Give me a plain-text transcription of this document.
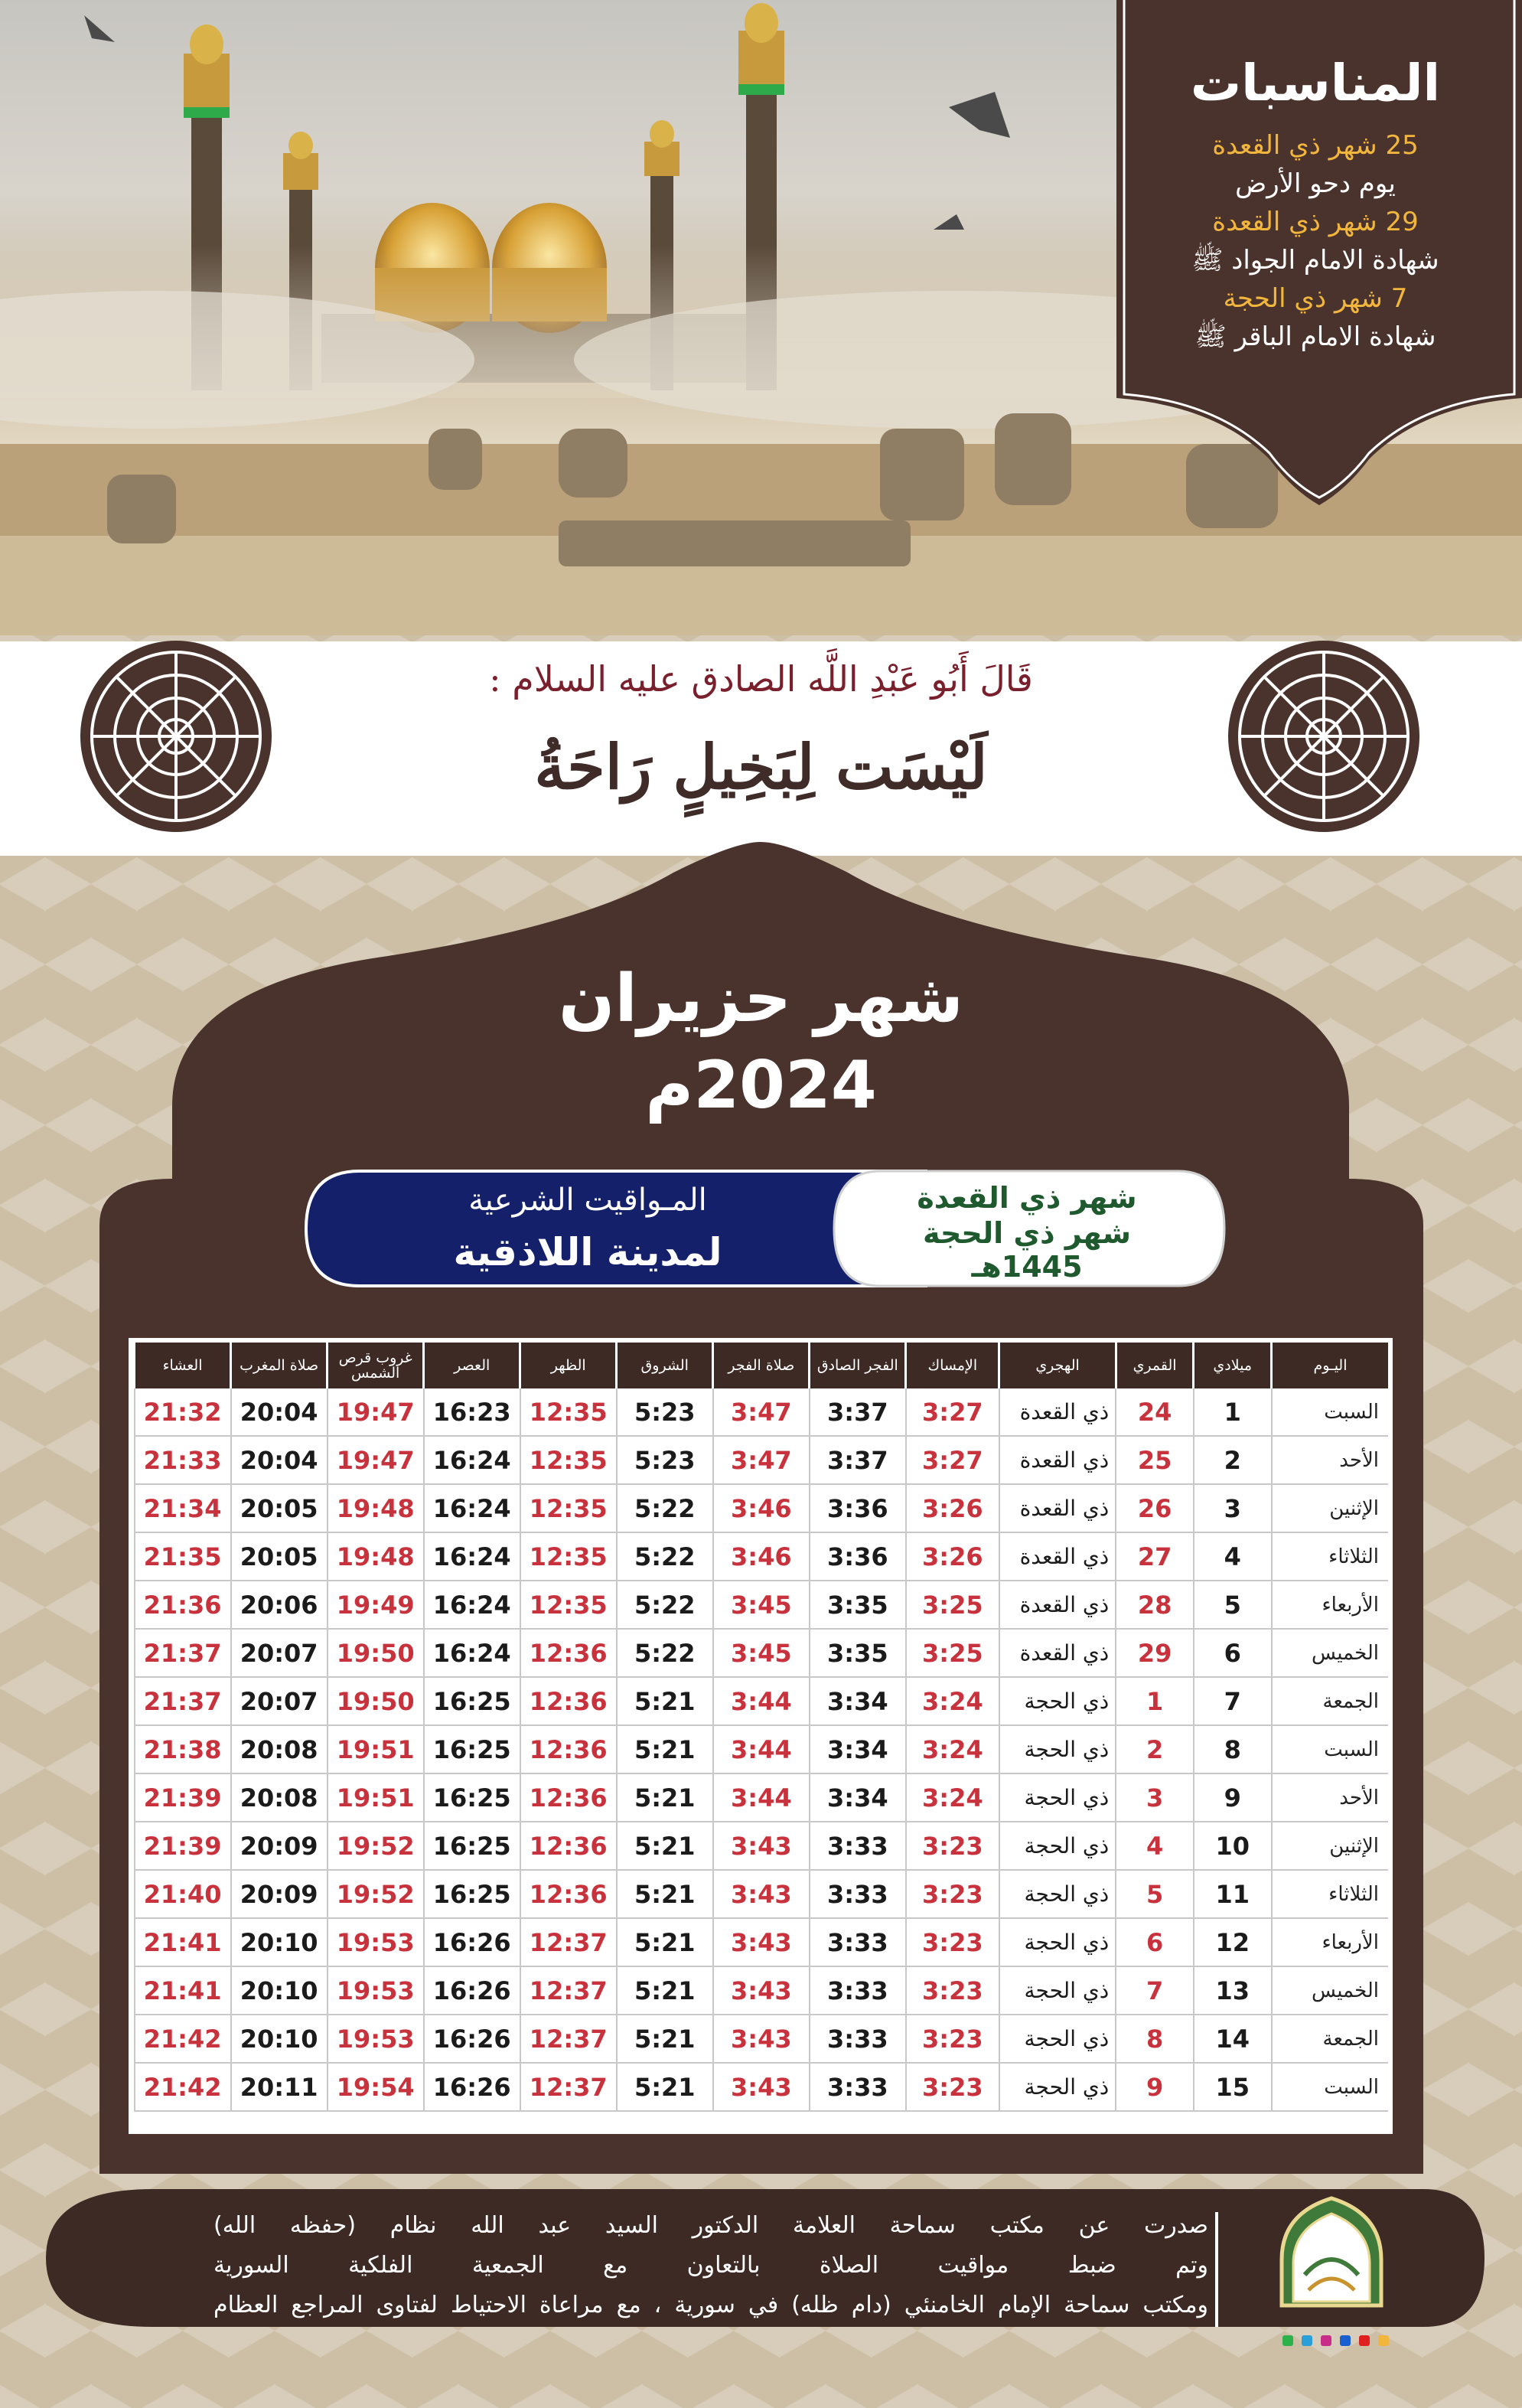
المناسبات
25 شهر ذي القعدة
يوم دحو الأرض
29 شهر ذي القعدة
شهادة الامام الجواد ﷺ
7 شهر ذي الحجة
شهادة الامام الباقر ﷺ
قَالَ أَبُو عَبْدِ اللَّه الصادق عليه السلام :
لَيْسَت لِبَخِيلٍ رَاحَةُ
شهر حزيران
2024م
المـواقيت الشرعية
لمدينة اللاذقية
شهر ذي القعدة
شهر ذي الحجة
1445هـ
اليـوم	ميلادي	القمري	الهجري	الإمساك	الفجر الصادق	صلاة الفجر	الشروق	الظهر	العصر	غروب قرص الشمس	صلاة المغرب	العشاء
السبت	1	24	ذي القعدة	3:27	3:37	3:47	5:23	12:35	16:23	19:47	20:04	21:32
الأحد	2	25	ذي القعدة	3:27	3:37	3:47	5:23	12:35	16:24	19:47	20:04	21:33
الإثنين	3	26	ذي القعدة	3:26	3:36	3:46	5:22	12:35	16:24	19:48	20:05	21:34
الثلاثاء	4	27	ذي القعدة	3:26	3:36	3:46	5:22	12:35	16:24	19:48	20:05	21:35
الأربعاء	5	28	ذي القعدة	3:25	3:35	3:45	5:22	12:35	16:24	19:49	20:06	21:36
الخميس	6	29	ذي القعدة	3:25	3:35	3:45	5:22	12:36	16:24	19:50	20:07	21:37
الجمعة	7	1	ذي الحجة	3:24	3:34	3:44	5:21	12:36	16:25	19:50	20:07	21:37
السبت	8	2	ذي الحجة	3:24	3:34	3:44	5:21	12:36	16:25	19:51	20:08	21:38
الأحد	9	3	ذي الحجة	3:24	3:34	3:44	5:21	12:36	16:25	19:51	20:08	21:39
الإثنين	10	4	ذي الحجة	3:23	3:33	3:43	5:21	12:36	16:25	19:52	20:09	21:39
الثلاثاء	11	5	ذي الحجة	3:23	3:33	3:43	5:21	12:36	16:25	19:52	20:09	21:40
الأربعاء	12	6	ذي الحجة	3:23	3:33	3:43	5:21	12:37	16:26	19:53	20:10	21:41
الخميس	13	7	ذي الحجة	3:23	3:33	3:43	5:21	12:37	16:26	19:53	20:10	21:41
الجمعة	14	8	ذي الحجة	3:23	3:33	3:43	5:21	12:37	16:26	19:53	20:10	21:42
السبت	15	9	ذي الحجة	3:23	3:33	3:43	5:21	12:37	16:26	19:54	20:11	21:42
صدرت عن مكتب سماحة العلامة الدكتور السيد عبد الله نظام (حفظه الله)
وتم ضبط مواقيت الصلاة بالتعاون مع الجمعية الفلكية السورية
ومكتب سماحة الإمام الخامنئي (دام ظله) في سورية ، مع مراعاة الاحتياط لفتاوى المراجع العظام
